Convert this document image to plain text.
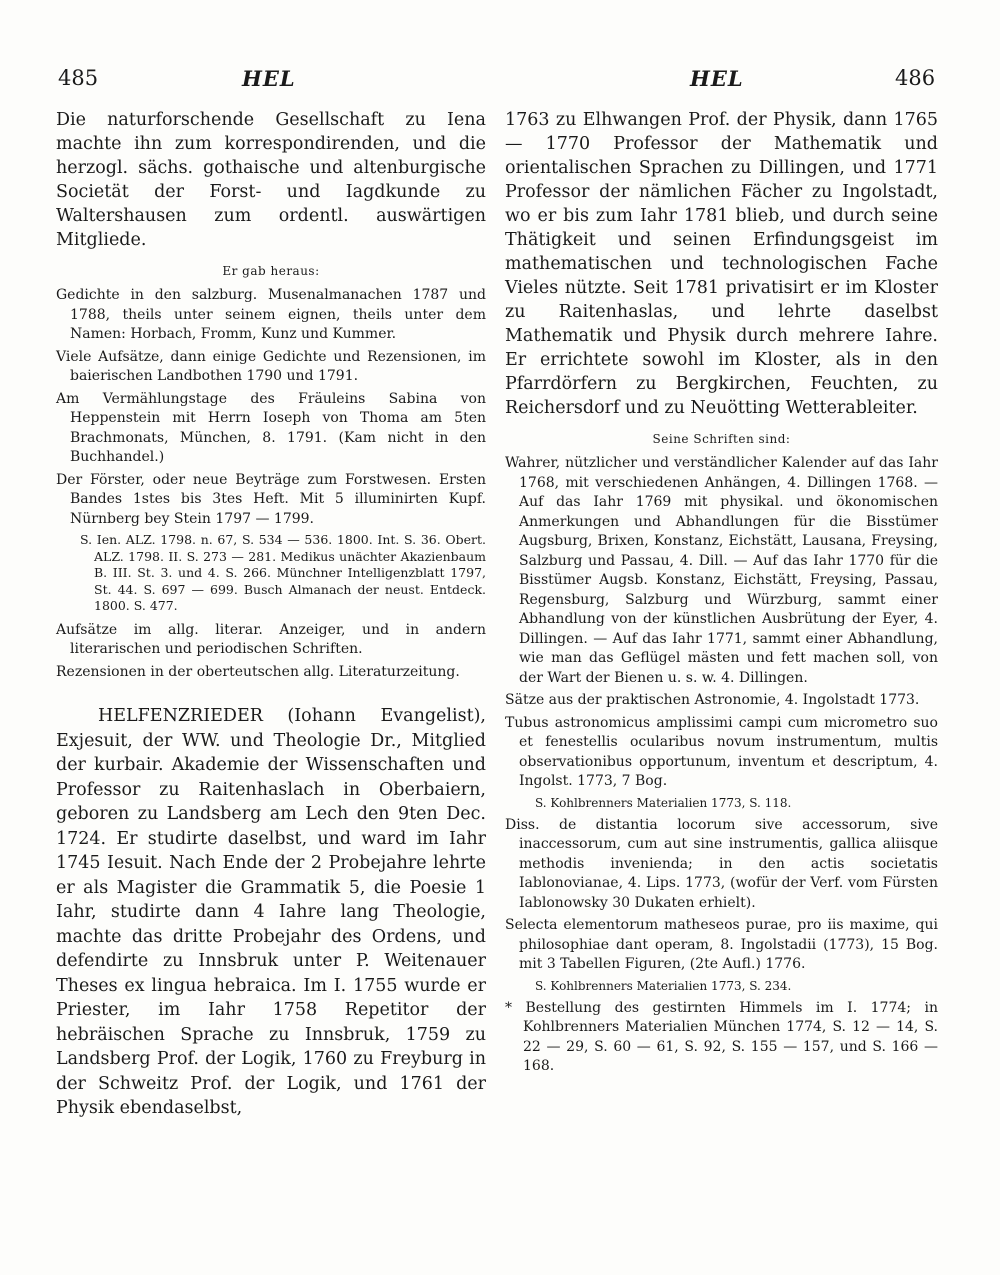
485	HEL	HEL	486

Die naturforschende Gesellschaft zu Iena machte ihn zum korrespondirenden, und die herzogl. sächs. gothaische und altenburgische Societät der Forst- und Iagdkunde zu Waltershausen zum ordentl. auswärtigen Mitgliede.

Er gab heraus:

Gedichte in den salzburg. Musenalmanachen 1787 und 1788, theils unter seinem eignen, theils unter dem Namen: Horbach, Fromm, Kunz und Kummer.

Viele Aufsätze, dann einige Gedichte und Rezensionen, im baierischen Landbothen 1790 und 1791.

Am Vermählungstage des Fräuleins Sabina von Heppenstein mit Herrn Ioseph von Thoma am 5ten Brachmonats, München, 8. 1791. (Kam nicht in den Buchhandel.)

Der Förster, oder neue Beyträge zum Forstwesen. Ersten Bandes 1stes bis 3tes Heft. Mit 5 illuminirten Kupf. Nürnberg bey Stein 1797 — 1799.

S. Ien. ALZ. 1798. n. 67, S. 534 — 536. 1800. Int. S. 36. Obert. ALZ. 1798. II. S. 273 — 281. Medikus unächter Akazienbaum B. III. St. 3. und 4. S. 266. Münchner Intelligenzblatt 1797, St. 44. S. 697 — 699. Busch Almanach der neust. Entdeck. 1800. S. 477.

Aufsätze im allg. literar. Anzeiger, und in andern literarischen und periodischen Schriften.

Rezensionen in der oberteutschen allg. Literaturzeitung.

HELFENZRIEDER (Iohann Evangelist), Exjesuit, der WW. und Theologie Dr., Mitglied der kurbair. Akademie der Wissenschaften und Professor zu Raitenhaslach in Oberbaiern, geboren zu Landsberg am Lech den 9ten Dec. 1724. Er studirte daselbst, und ward im Iahr 1745 Iesuit. Nach Ende der 2 Probejahre lehrte er als Magister die Grammatik 5, die Poesie 1 Iahr, studirte dann 4 Iahre lang Theologie, machte das dritte Probejahr des Ordens, und defendirte zu Innsbruk unter P. Weitenauer Theses ex lingua hebraica. Im I. 1755 wurde er Priester, im Iahr 1758 Repetitor der hebräischen Sprache zu Innsbruk, 1759 zu Landsberg Prof. der Logik, 1760 zu Freyburg in der Schweitz Prof. der Logik, und 1761 der Physik ebendaselbst,

1763 zu Elhwangen Prof. der Physik, dann 1765 — 1770 Professor der Mathematik und orientalischen Sprachen zu Dillingen, und 1771 Professor der nämlichen Fächer zu Ingolstadt, wo er bis zum Iahr 1781 blieb, und durch seine Thätigkeit und seinen Erfindungsgeist im mathematischen und technologischen Fache Vieles nützte. Seit 1781 privatisirt er im Kloster zu Raitenhaslas, und lehrte daselbst Mathematik und Physik durch mehrere Iahre. Er errichtete sowohl im Kloster, als in den Pfarrdörfern zu Bergkirchen, Feuchten, zu Reichersdorf und zu Neuötting Wetterableiter.

Seine Schriften sind:

Wahrer, nützlicher und verständlicher Kalender auf das Iahr 1768, mit verschiedenen Anhängen, 4. Dillingen 1768. — Auf das Iahr 1769 mit physikal. und ökonomischen Anmerkungen und Abhandlungen für die Bisstümer Augsburg, Brixen, Konstanz, Eichstätt, Lausana, Freysing, Salzburg und Passau, 4. Dill. — Auf das Iahr 1770 für die Bisstümer Augsb. Konstanz, Eichstätt, Freysing, Passau, Regensburg, Salzburg und Würzburg, sammt einer Abhandlung von der künstlichen Ausbrütung der Eyer, 4. Dillingen. — Auf das Iahr 1771, sammt einer Abhandlung, wie man das Geflügel mästen und fett machen soll, von der Wart der Bienen u. s. w. 4. Dillingen.

Sätze aus der praktischen Astronomie, 4. Ingolstadt 1773.

Tubus astronomicus amplissimi campi cum micrometro suo et fenestellis ocularibus novum instrumentum, multis observationibus opportunum, inventum et descriptum, 4. Ingolst. 1773, 7 Bog.

S. Kohlbrenners Materialien 1773, S. 118.

Diss. de distantia locorum sive accessorum, sive inaccessorum, cum aut sine instrumentis, gallica aliisque methodis invenienda; in den actis societatis Iablonovianae, 4. Lips. 1773, (wofür der Verf. vom Fürsten Iablonowsky 30 Dukaten erhielt).

Selecta elementorum matheseos purae, pro iis maxime, qui philosophiae dant operam, 8. Ingolstadii (1773), 15 Bog. mit 3 Tabellen Figuren, (2te Aufl.) 1776.

S. Kohlbrenners Materialien 1773, S. 234.

* Bestellung des gestirnten Himmels im I. 1774; in Kohlbrenners Materialien München 1774, S. 12 — 14, S. 22 — 29, S. 60 — 61, S. 92, S. 155 — 157, und S. 166 — 168.
